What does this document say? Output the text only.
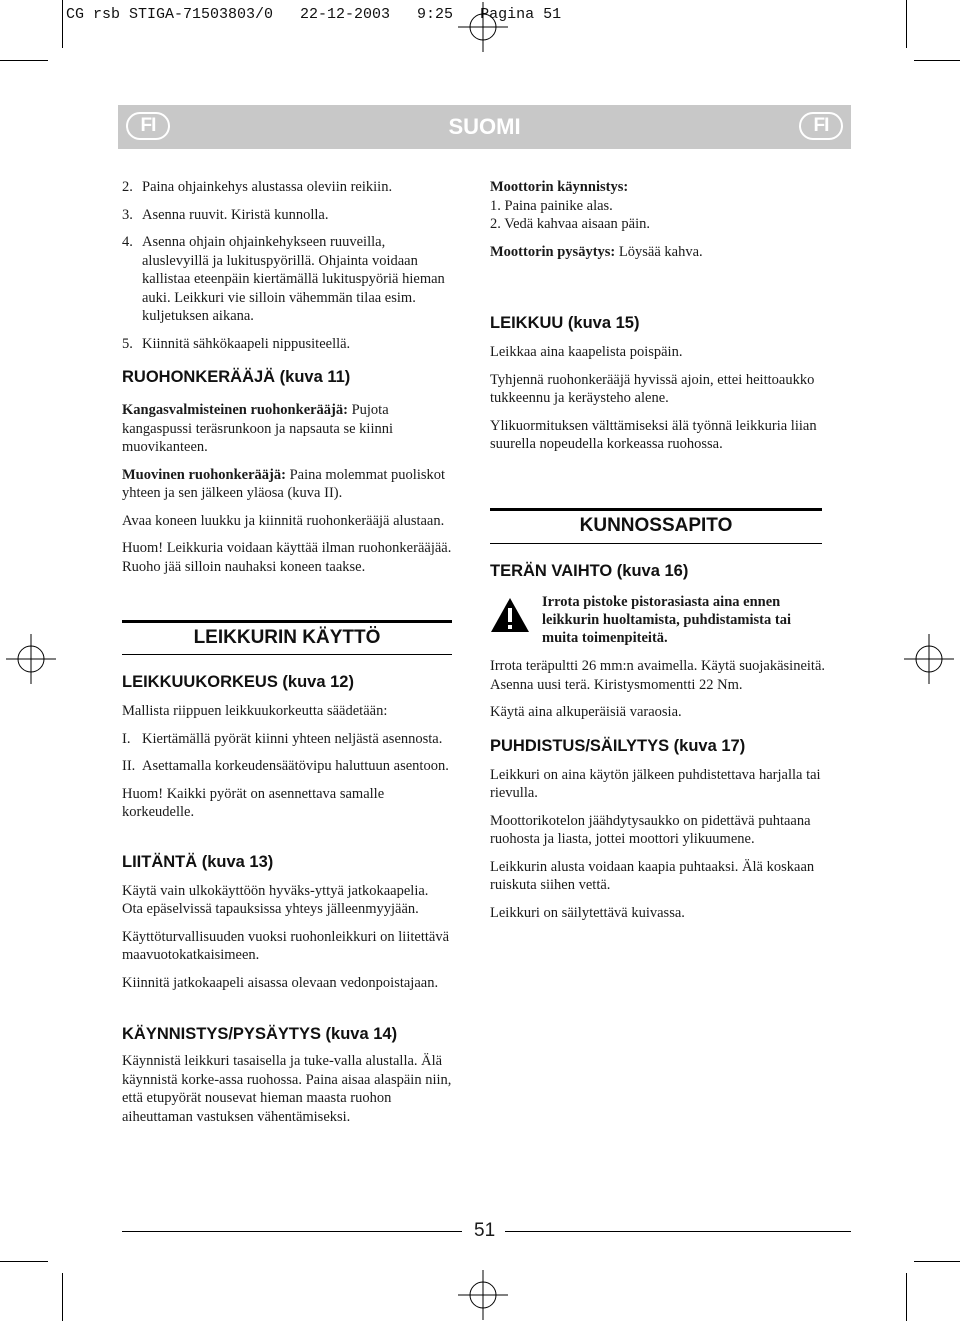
CG rsb STIGA-71503803/0   22-12-2003   9:25   Pagina 51
FI	SUOMI	FI
2. Paina ohjainkehys alustassa oleviin reikiin.
3. Asenna ruuvit. Kiristä kunnolla.
4. Asenna ohjain ohjainkehykseen ruuveilla, aluslevyillä ja lukituspyörillä. Ohjainta voidaan kallistaa eteenpäin kiertämällä lukituspyöriä hieman auki. Leikkuri vie silloin vähemmän tilaa esim. kuljetuksen aikana.
5. Kiinnitä sähkökaapeli nippusiteellä.
RUOHONKERÄÄJÄ (kuva 11)

Kangasvalmisteinen ruohonkerääjä: Pujota kangaspussi teräsrunkoon ja napsauta se kiinni muovikanteen.

Muovinen ruohonkerääjä: Paina molemmat puoliskot yhteen ja sen jälkeen yläosa (kuva II).

Avaa koneen luukku ja kiinnitä ruohonkerääjä alustaan.

Huom! Leikkuria voidaan käyttää ilman ruohonkerääjää. Ruoho jää silloin nauhaksi koneen taakse.

LEIKKURIN KÄYTTÖ
LEIKKUUKORKEUS (kuva 12)

Mallista riippuen leikkuukorkeutta säädetään:

I. Kiertämällä pyörät kiinni yhteen neljästä asennosta.
II. Asettamalla korkeudensäätövipu haluttuun asentoon.

Huom! Kaikki pyörät on asennettava samalle korkeudelle.

LIITÄNTÄ (kuva 13)

Käytä vain ulkokäyttöön hyväks-yttyä jatkokaapelia. Ota epäselvissä tapauksissa yhteys jälleenmyyjään.

Käyttöturvallisuuden vuoksi ruohonleikkuri on liitettävä maavuotokatkaisimeen.

Kiinnitä jatkokaapeli aisassa olevaan vedonpoistajaan.

KÄYNNISTYS/PYSÄYTYS (kuva 14)

Käynnistä leikkuri tasaisella ja tuke-valla alustalla. Älä käynnistä korke-assa ruohossa. Paina aisaa alaspäin niin, että etupyörät nousevat hieman maasta ruohon aiheuttaman vastuksen vähentämiseksi.

Moottorin käynnistys:

1. Paina painike alas.

2. Vedä kahvaa aisaan päin.

Moottorin pysäytys: Löysää kahva.

LEIKKUU (kuva 15)

Leikkaa aina kaapelista poispäin.

Tyhjennä ruohonkerääjä hyvissä ajoin, ettei heittoaukko tukkeennu ja keräysteho alene.

Ylikuormituksen välttämiseksi älä työnnä leikkuria liian suurella nopeudella korkeassa ruohossa.

KUNNOSSAPITO
TERÄN VAIHTO (kuva 16)

Irrota pistoke pistorasiasta aina ennen leikkurin huoltamista, puhdistamista tai muita toimenpiteitä.

Irrota teräpultti 26 mm:n avaimella. Käytä suojakäsineitä. Asenna uusi terä. Kiristysmomentti 22 Nm.

Käytä aina alkuperäisiä varaosia.

PUHDISTUS/SÄILYTYS (kuva 17)

Leikkuri on aina käytön jälkeen puhdistettava harjalla tai rievulla.

Moottorikotelon jäähdytysaukko on pidettävä puhtaana ruohosta ja liasta, jottei moottori ylikuumene.

Leikkurin alusta voidaan kaapia puhtaaksi. Älä koskaan ruiskuta siihen vettä.

Leikkuri on säilytettävä kuivassa.

51
